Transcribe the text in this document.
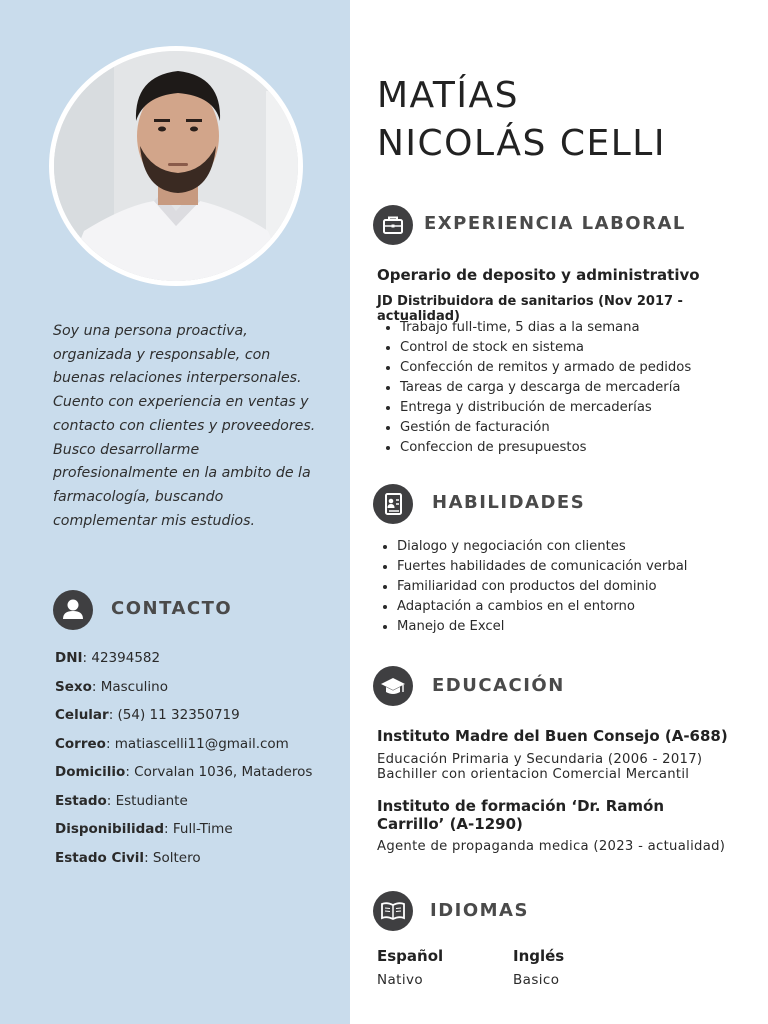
Soy una persona proactiva, organizada y responsable, con buenas relaciones interpersonales. Cuento con experiencia en ventas y contacto con clientes y proveedores. Busco desarrollarme profesionalmente en la ambito de la farmacología, buscando complementar mis estudios.
CONTACTO
DNI: 42394582
Sexo: Masculino
Celular: (54) 11 32350719
Correo: matiascelli11@gmail.com
Domicilio: Corvalan 1036, Mataderos
Estado: Estudiante
Disponibilidad: Full-Time
Estado Civil: Soltero
MATÍAS
NICOLÁS CELLI
EXPERIENCIA LABORAL
Operario de deposito y administrativo
JD Distribuidora de sanitarios (Nov 2017 - actualidad)
• Trabajo full-time, 5 dias a la semana
• Control de stock en sistema
• Confección de remitos y armado de pedidos
• Tareas de carga y descarga de mercadería
• Entrega y distribución de mercaderías
• Gestión de facturación
• Confeccion de presupuestos
HABILIDADES
• Dialogo y negociación con clientes
• Fuertes habilidades de comunicación verbal
• Familiaridad con productos del dominio
• Adaptación a cambios en el entorno
• Manejo de Excel
EDUCACIÓN
Instituto Madre del Buen Consejo (A-688)
Educación Primaria y Secundaria (2006 - 2017)
Bachiller con orientacion Comercial Mercantil
Instituto de formación ‘Dr. Ramón Carrillo’ (A-1290)
Agente de propaganda medica (2023 - actualidad)
IDIOMAS
Español
Nativo
Inglés
Basico
